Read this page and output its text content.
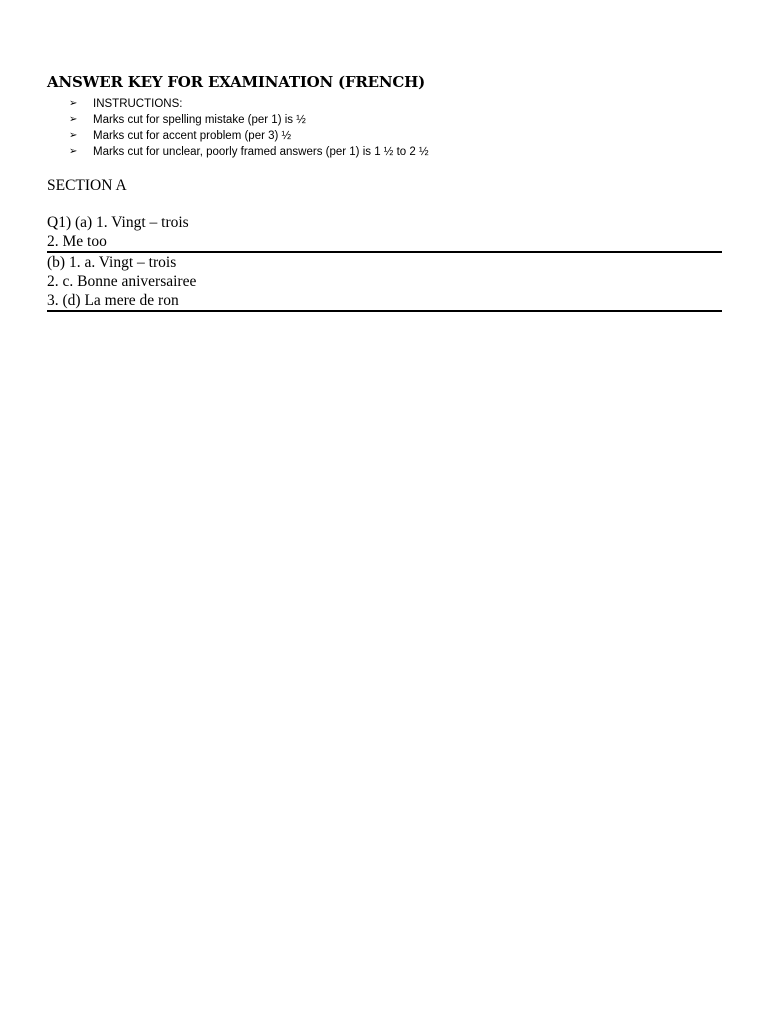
ANSWER KEY FOR EXAMINATION (FRENCH)
➢ INSTRUCTIONS:
➢ Marks cut for spelling mistake (per 1) is ½
➢ Marks cut for accent problem (per 3) ½
➢ Marks cut for unclear, poorly framed answers (per 1) is 1 ½ to 2 ½
SECTION A
Q1) (a) 1. Vingt – trois
2. Me too
(b) 1. a. Vingt – trois
2. c. Bonne aniversairee
3. (d) La mere de ron
